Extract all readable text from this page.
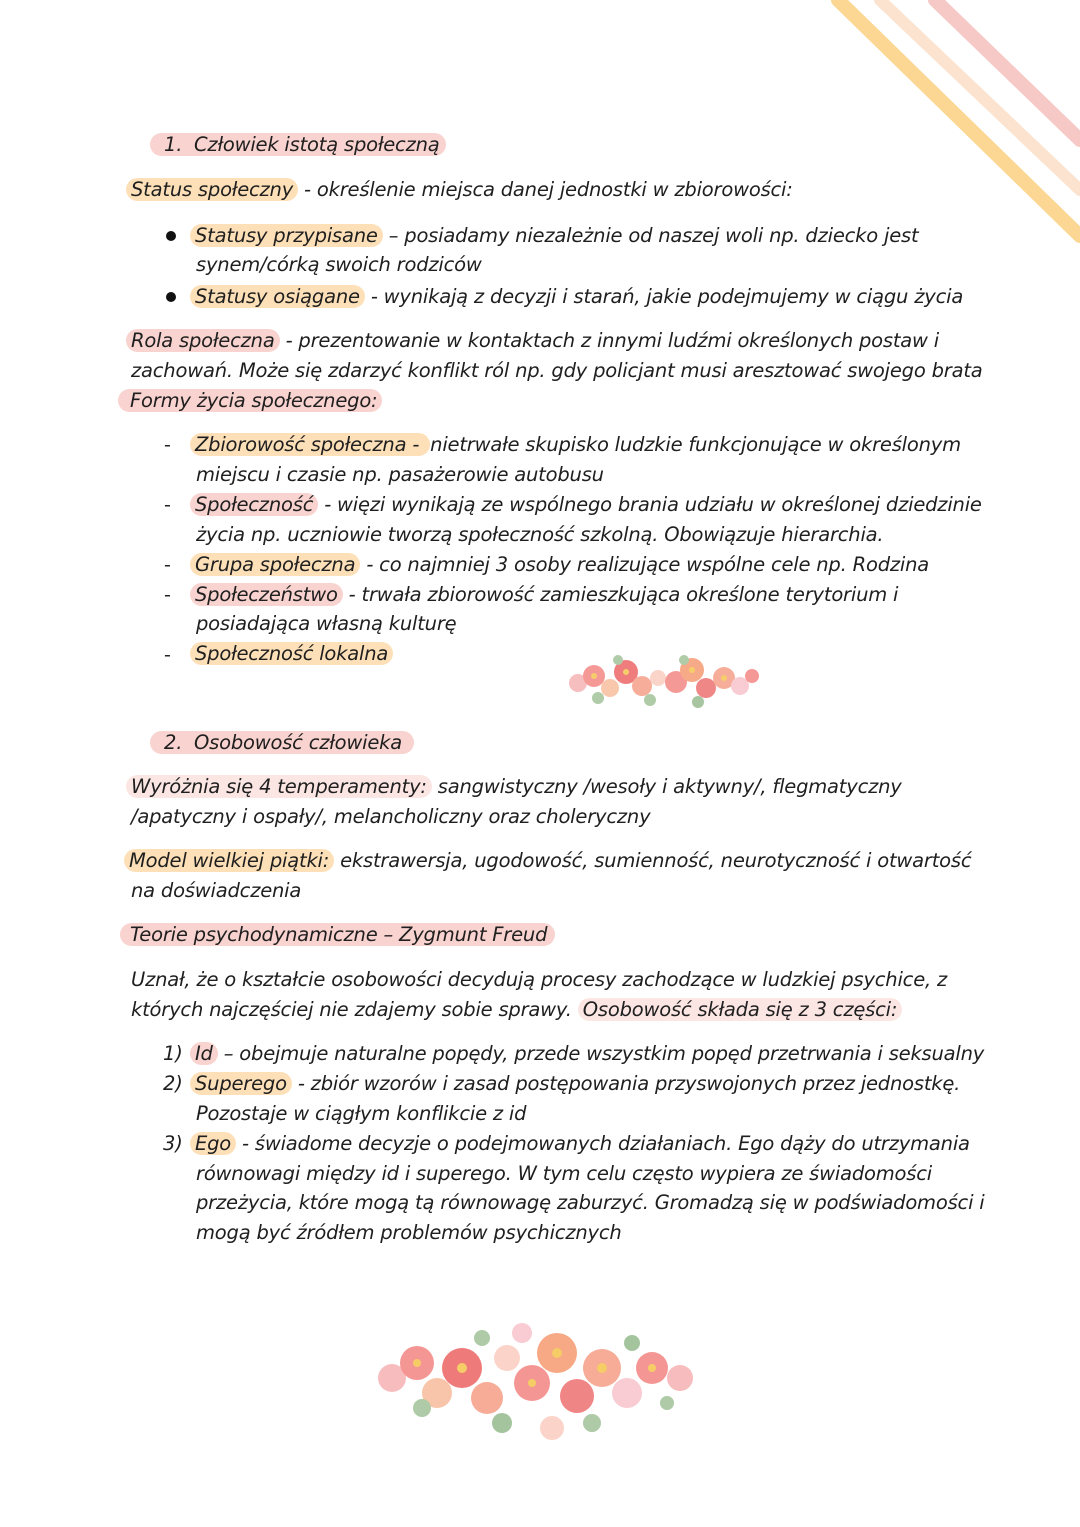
1. Człowiek istotą społeczną
Status społeczny - określenie miejsca danej jednostki w zbiorowości:
Statusy przypisane – posiadamy niezależnie od naszej woli np. dziecko jest
synem/córką swoich rodziców
Statusy osiągane - wynikają z decyzji i starań, jakie podejmujemy w ciągu życia
Rola społeczna - prezentowanie w kontaktach z innymi ludźmi określonych postaw i
zachowań. Może się zdarzyć konflikt ról np. gdy policjant musi aresztować swojego brata
Formy życia społecznego:
- Zbiorowość społeczna - nietrwałe skupisko ludzkie funkcjonujące w określonym
miejscu i czasie np. pasażerowie autobusu
- Społeczność - więzi wynikają ze wspólnego brania udziału w określonej dziedzinie
życia np. uczniowie tworzą społeczność szkolną. Obowiązuje hierarchia.
- Grupa społeczna - co najmniej 3 osoby realizujące wspólne cele np. Rodzina
- Społeczeństwo - trwała zbiorowość zamieszkująca określone terytorium i
posiadająca własną kulturę
- Społeczność lokalna
2. Osobowość człowieka
Wyróżnia się 4 temperamenty: sangwistyczny /wesoły i aktywny/, flegmatyczny
/apatyczny i ospały/, melancholiczny oraz choleryczny
Model wielkiej piątki: ekstrawersja, ugodowość, sumienność, neurotyczność i otwartość
na doświadczenia
Teorie psychodynamiczne – Zygmunt Freud
Uznał, że o kształcie osobowości decydują procesy zachodzące w ludzkiej psychice, z
których najczęściej nie zdajemy sobie sprawy. Osobowość składa się z 3 części:
1) Id – obejmuje naturalne popędy, przede wszystkim popęd przetrwania i seksualny
2) Superego - zbiór wzorów i zasad postępowania przyswojonych przez jednostkę.
Pozostaje w ciągłym konflikcie z id
3) Ego - świadome decyzje o podejmowanych działaniach. Ego dąży do utrzymania
równowagi między id i superego. W tym celu często wypiera ze świadomości
przeżycia, które mogą tą równowagę zaburzyć. Gromadzą się w podświadomości i
mogą być źródłem problemów psychicznych
